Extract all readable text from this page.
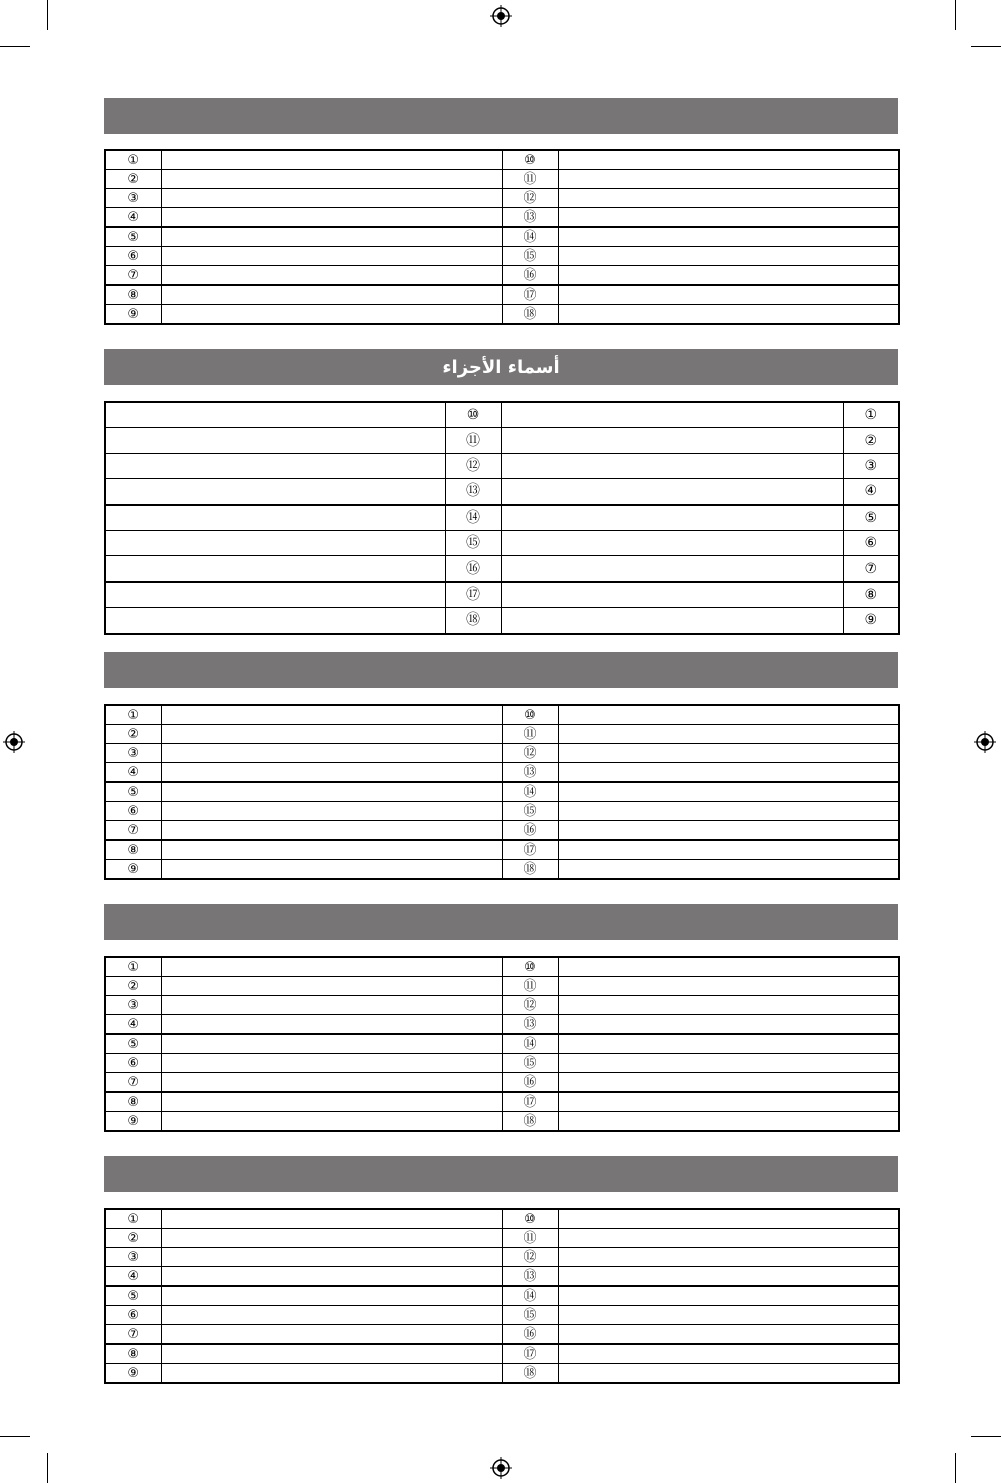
①		⑩	
②		⑪	
③		⑫	
④		⑬	
⑤		⑭	
⑥		⑮	
⑦		⑯	
⑧		⑰	
⑨		⑱	
أسماء الأجزاء
	⑩		①
	⑪		②
	⑫		③
	⑬		④
	⑭		⑤
	⑮		⑥
	⑯		⑦
	⑰		⑧
	⑱		⑨
①		⑩	
②		⑪	
③		⑫	
④		⑬	
⑤		⑭	
⑥		⑮	
⑦		⑯	
⑧		⑰	
⑨		⑱	
①		⑩	
②		⑪	
③		⑫	
④		⑬	
⑤		⑭	
⑥		⑮	
⑦		⑯	
⑧		⑰	
⑨		⑱	
①		⑩	
②		⑪	
③		⑫	
④		⑬	
⑤		⑭	
⑥		⑮	
⑦		⑯	
⑧		⑰	
⑨		⑱	
